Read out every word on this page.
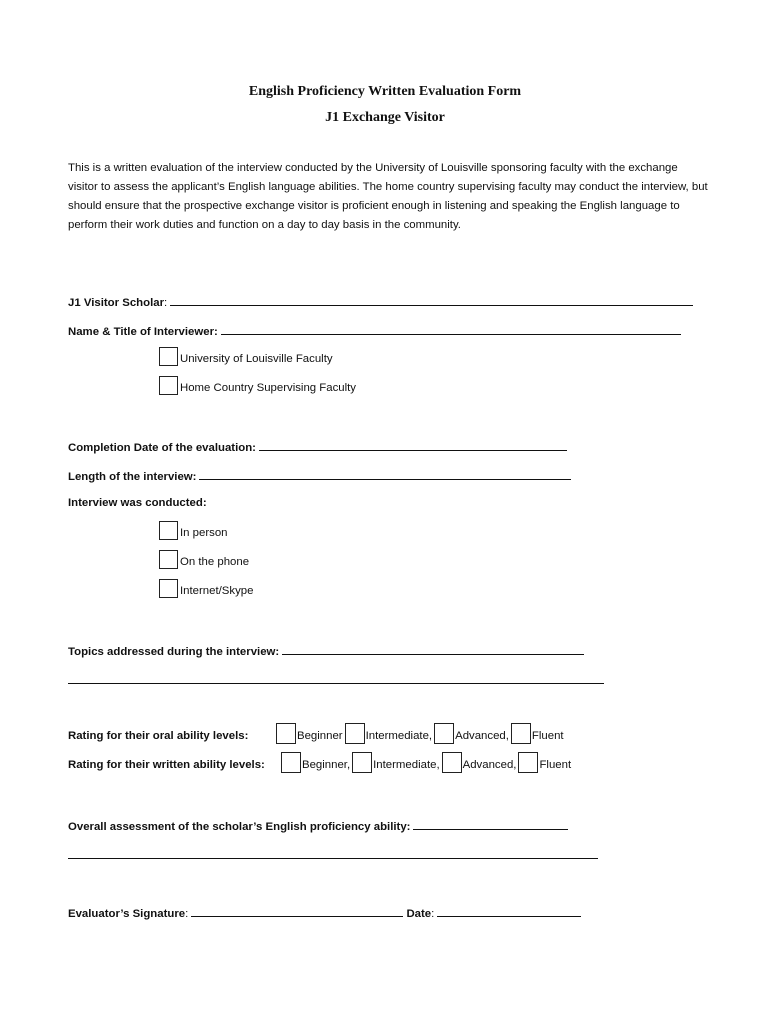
English Proficiency Written Evaluation Form
J1 Exchange Visitor
This is a written evaluation of the interview conducted by the University of Louisville sponsoring faculty with the exchange visitor to assess the applicant’s English language abilities. The home country supervising faculty may conduct the interview, but should ensure that the prospective exchange visitor is proficient enough in listening and speaking the English language to perform their work duties and function on a day to day basis in the community.
J1 Visitor Scholar:
Name & Title of Interviewer:
University of Louisville Faculty
Home Country Supervising Faculty
Completion Date of the evaluation:
Length of the interview:
Interview was conducted:
In person
On the phone
Internet/Skype
Topics addressed during the interview:
Rating for their oral ability levels:	Beginner Intermediate, Advanced, Fluent
Rating for their written ability levels:	Beginner, Intermediate, Advanced, Fluent
Overall assessment of the scholar’s English proficiency ability:
Evaluator’s Signature:	Date:
